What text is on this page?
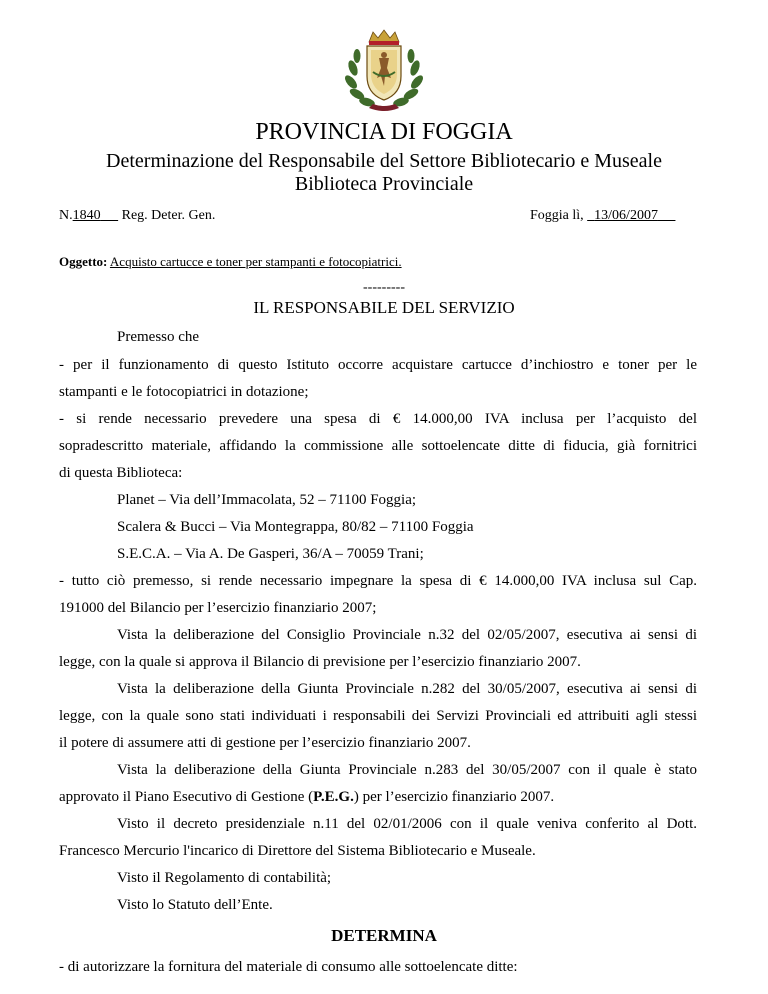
PROVINCIA DI FOGGIA
Determinazione del Responsabile del Settore Bibliotecario e Museale
Biblioteca Provinciale
N.1840 Reg. Deter. Gen.	Foggia lì, 13/06/2007
Oggetto: Acquisto cartucce e toner per stampanti e fotocopiatrici.
---------
IL RESPONSABILE DEL SERVIZIO
Premesso che
- per il funzionamento di questo Istituto occorre acquistare cartucce d’inchiostro e toner per le
stampanti e le fotocopiatrici in dotazione;
- si rende necessario prevedere una spesa di € 14.000,00 IVA inclusa per l’acquisto del
sopradescritto materiale, affidando la commissione alle sottoelencate ditte di fiducia, già fornitrici
di questa Biblioteca:
Planet – Via dell’Immacolata, 52 – 71100 Foggia;
Scalera & Bucci – Via Montegrappa, 80/82 – 71100 Foggia
S.E.C.A. – Via A. De Gasperi, 36/A – 70059 Trani;
- tutto ciò premesso, si rende necessario impegnare la spesa di € 14.000,00 IVA inclusa sul Cap.
191000 del Bilancio per l’esercizio finanziario 2007;
Vista la deliberazione del Consiglio Provinciale n.32 del 02/05/2007, esecutiva ai sensi di
legge, con la quale si approva il Bilancio di previsione per l’esercizio finanziario 2007.
Vista la deliberazione della Giunta Provinciale n.282 del 30/05/2007, esecutiva ai sensi di
legge, con la quale sono stati individuati i responsabili dei Servizi Provinciali ed attribuiti agli stessi
il potere di assumere atti di gestione per l’esercizio finanziario 2007.
Vista la deliberazione della Giunta Provinciale n.283 del 30/05/2007 con il quale è stato
approvato il Piano Esecutivo di Gestione (P.E.G.) per l’esercizio finanziario 2007.
Visto il decreto presidenziale n.11 del 02/01/2006 con il quale veniva conferito al Dott.
Francesco Mercurio l'incarico di Direttore del Sistema Bibliotecario e Museale.
Visto il Regolamento di contabilità;
Visto lo Statuto dell’Ente.
DETERMINA
- di autorizzare la fornitura del materiale di consumo alle sottoelencate ditte:
